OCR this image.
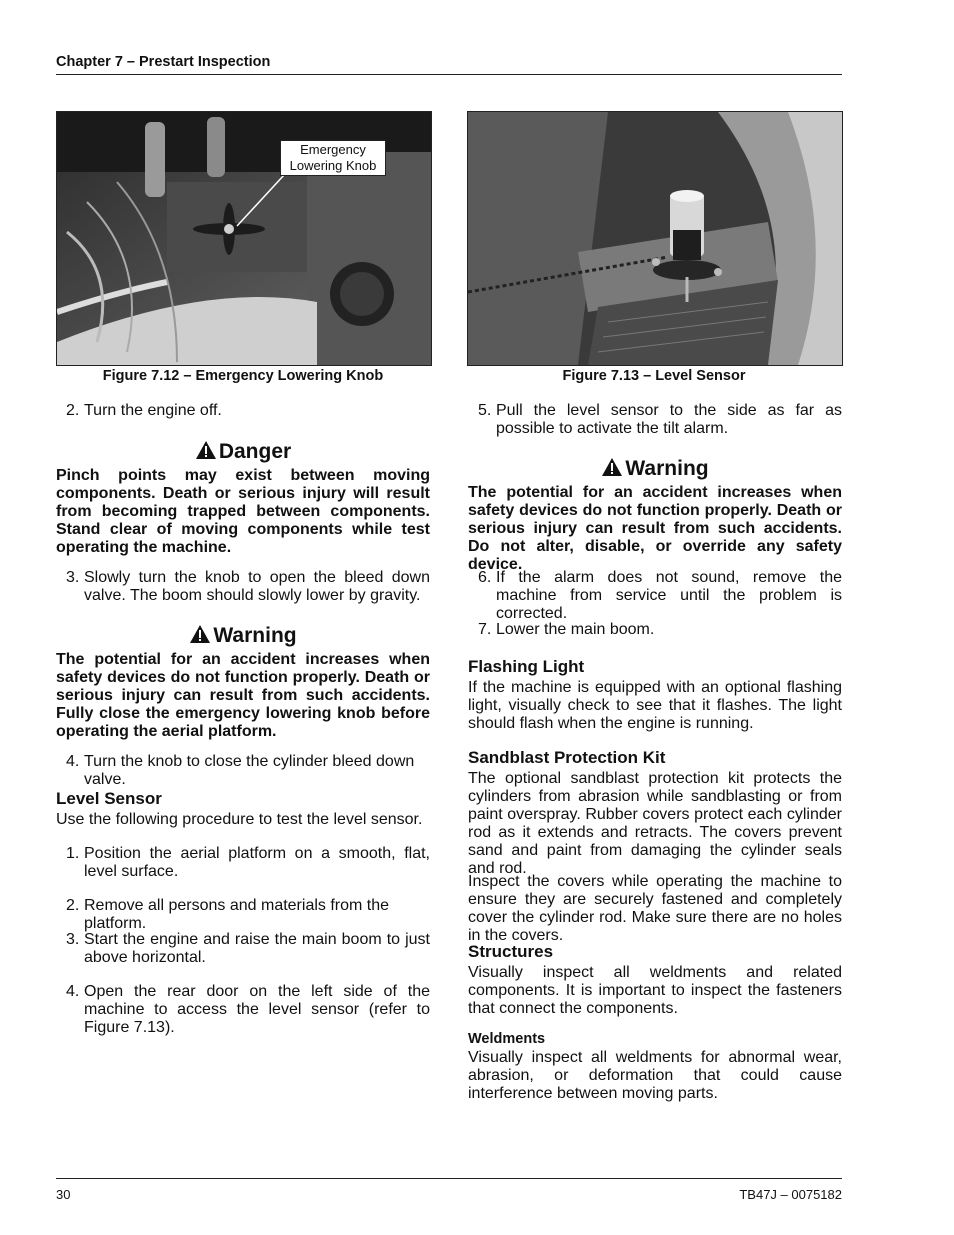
Chapter 7 – Prestart Inspection
Emergency
Lowering Knob
Figure 7.12 – Emergency Lowering Knob	Figure 7.13 – Level Sensor
2. Turn the engine off.
Danger
Pinch points may exist between moving components. Death or serious injury will result from becoming trapped between components. Stand clear of moving components while test operating the machine.
3. Slowly turn the knob to open the bleed down valve. The boom should slowly lower by gravity.
Warning
The potential for an accident increases when safety devices do not function properly. Death or serious injury can result from such accidents. Fully close the emergency lowering knob before operating the aerial platform.
4. Turn the knob to close the cylinder bleed down valve.
Level Sensor
Use the following procedure to test the level sensor.
1. Position the aerial platform on a smooth, flat, level surface.
2. Remove all persons and materials from the platform.
3. Start the engine and raise the main boom to just above horizontal.
4. Open the rear door on the left side of the machine to access the level sensor (refer to Figure 7.13).
5. Pull the level sensor to the side as far as possible to activate the tilt alarm.
Warning
The potential for an accident increases when safety devices do not function properly. Death or serious injury can result from such accidents. Do not alter, disable, or override any safety device.
6. If the alarm does not sound, remove the machine from service until the problem is corrected.
7. Lower the main boom.
Flashing Light
If the machine is equipped with an optional flashing light, visually check to see that it flashes. The light should flash when the engine is running.
Sandblast Protection Kit
The optional sandblast protection kit protects the cylinders from abrasion while sandblasting or from paint overspray. Rubber covers protect each cylinder rod as it extends and retracts. The covers prevent sand and paint from damaging the cylinder seals and rod.
Inspect the covers while operating the machine to ensure they are securely fastened and completely cover the cylinder rod. Make sure there are no holes in the covers.
Structures
Visually inspect all weldments and related components. It is important to inspect the fasteners that connect the components.
Weldments
Visually inspect all weldments for abnormal wear, abrasion, or deformation that could cause interference between moving parts.
30	TB47J – 0075182
